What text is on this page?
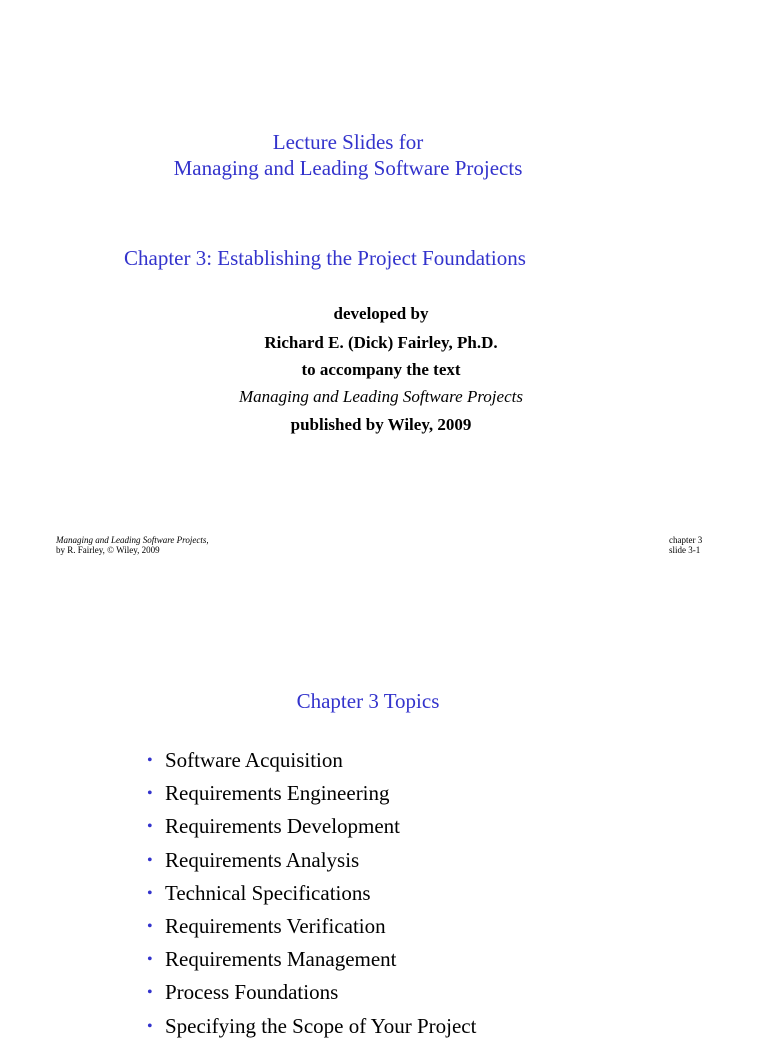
Lecture Slides for
Managing and Leading Software Projects
Chapter 3: Establishing the Project Foundations
developed by
Richard E. (Dick) Fairley, Ph.D.
to accompany the text
Managing and Leading Software Projects
published by Wiley, 2009
Managing and Leading Software Projects,
by R. Fairley, © Wiley, 2009
chapter 3
slide 3-1
Chapter 3 Topics
• Software Acquisition
• Requirements Engineering
• Requirements Development
• Requirements Analysis
• Technical Specifications
• Requirements Verification
• Requirements Management
• Process Foundations
• Specifying the Scope of Your Project
